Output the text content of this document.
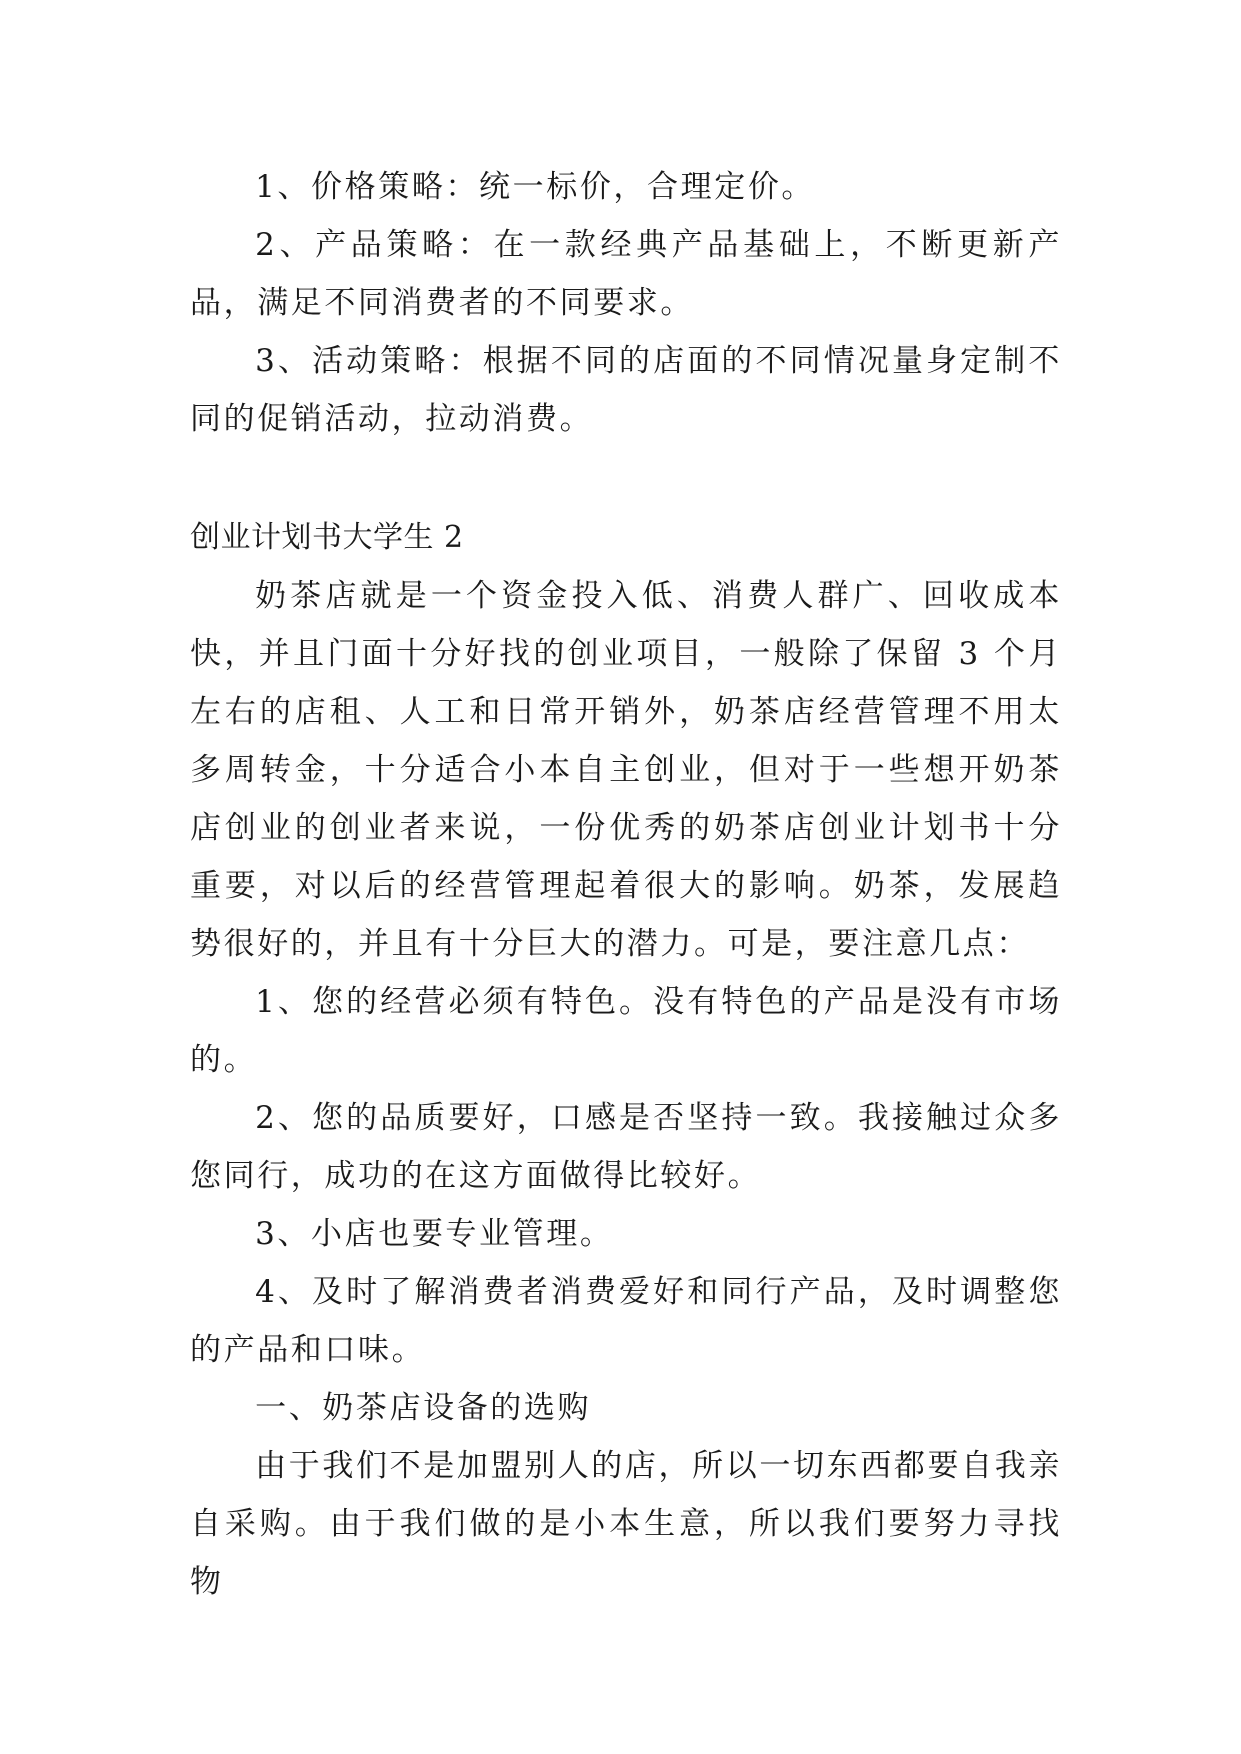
1、价格策略：统一标价，合理定价。

2、产品策略：在一款经典产品基础上，不断更新产品，满足不同消费者的不同要求。

3、活动策略：根据不同的店面的不同情况量身定制不同的促销活动，拉动消费。

创业计划书大学生 2

奶茶店就是一个资金投入低、消费人群广、回收成本快，并且门面十分好找的创业项目，一般除了保留 3 个月左右的店租、人工和日常开销外，奶茶店经营管理不用太多周转金，十分适合小本自主创业，但对于一些想开奶茶店创业的创业者来说，一份优秀的奶茶店创业计划书十分重要，对以后的经营管理起着很大的影响。奶茶，发展趋势很好的，并且有十分巨大的潜力。可是，要注意几点：

1、您的经营必须有特色。没有特色的产品是没有市场的。

2、您的品质要好，口感是否坚持一致。我接触过众多您同行，成功的在这方面做得比较好。

3、小店也要专业管理。

4、及时了解消费者消费爱好和同行产品，及时调整您的产品和口味。

一、奶茶店设备的选购

由于我们不是加盟别人的店，所以一切东西都要自我亲自采购。由于我们做的是小本生意，所以我们要努力寻找物
